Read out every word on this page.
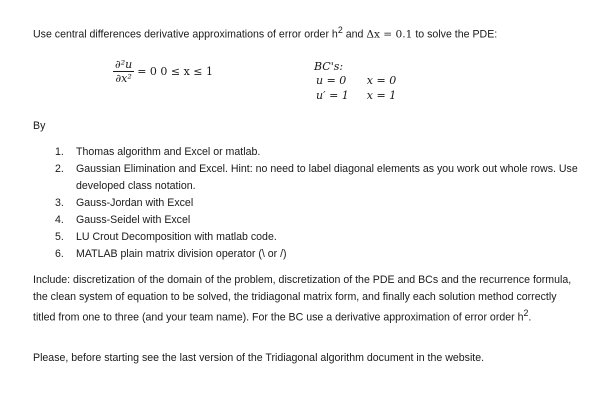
Use central differences derivative approximations of error order $h^2$ and Δx = 0.1 to solve the PDE:
$\frac{\text{∂²u}}{\text{∂x²}} = 0$ 0 ≤ x ≤ 1	BC's:
u = 0	x = 0
u′ = 1	x = 1
By
1.	Thomas algorithm and Excel or matlab.
2.	Gaussian Elimination and Excel. Hint: no need to label diagonal elements as you work out whole rows. Use developed class notation.
3.	Gauss-Jordan with Excel
4.	Gauss-Seidel with Excel
5.	LU Crout Decomposition with matlab code.
6.	MATLAB plain matrix division operator (\ or /)
Include: discretization of the domain of the problem, discretization of the PDE and BCs and the recurrence formula, the clean system of equation to be solved, the tridiagonal matrix form, and finally each solution method correctly titled from one to three (and your team name). For the BC use a derivative approximation of error order $h^2$.
Please, before starting see the last version of the Tridiagonal algorithm document in the website.
